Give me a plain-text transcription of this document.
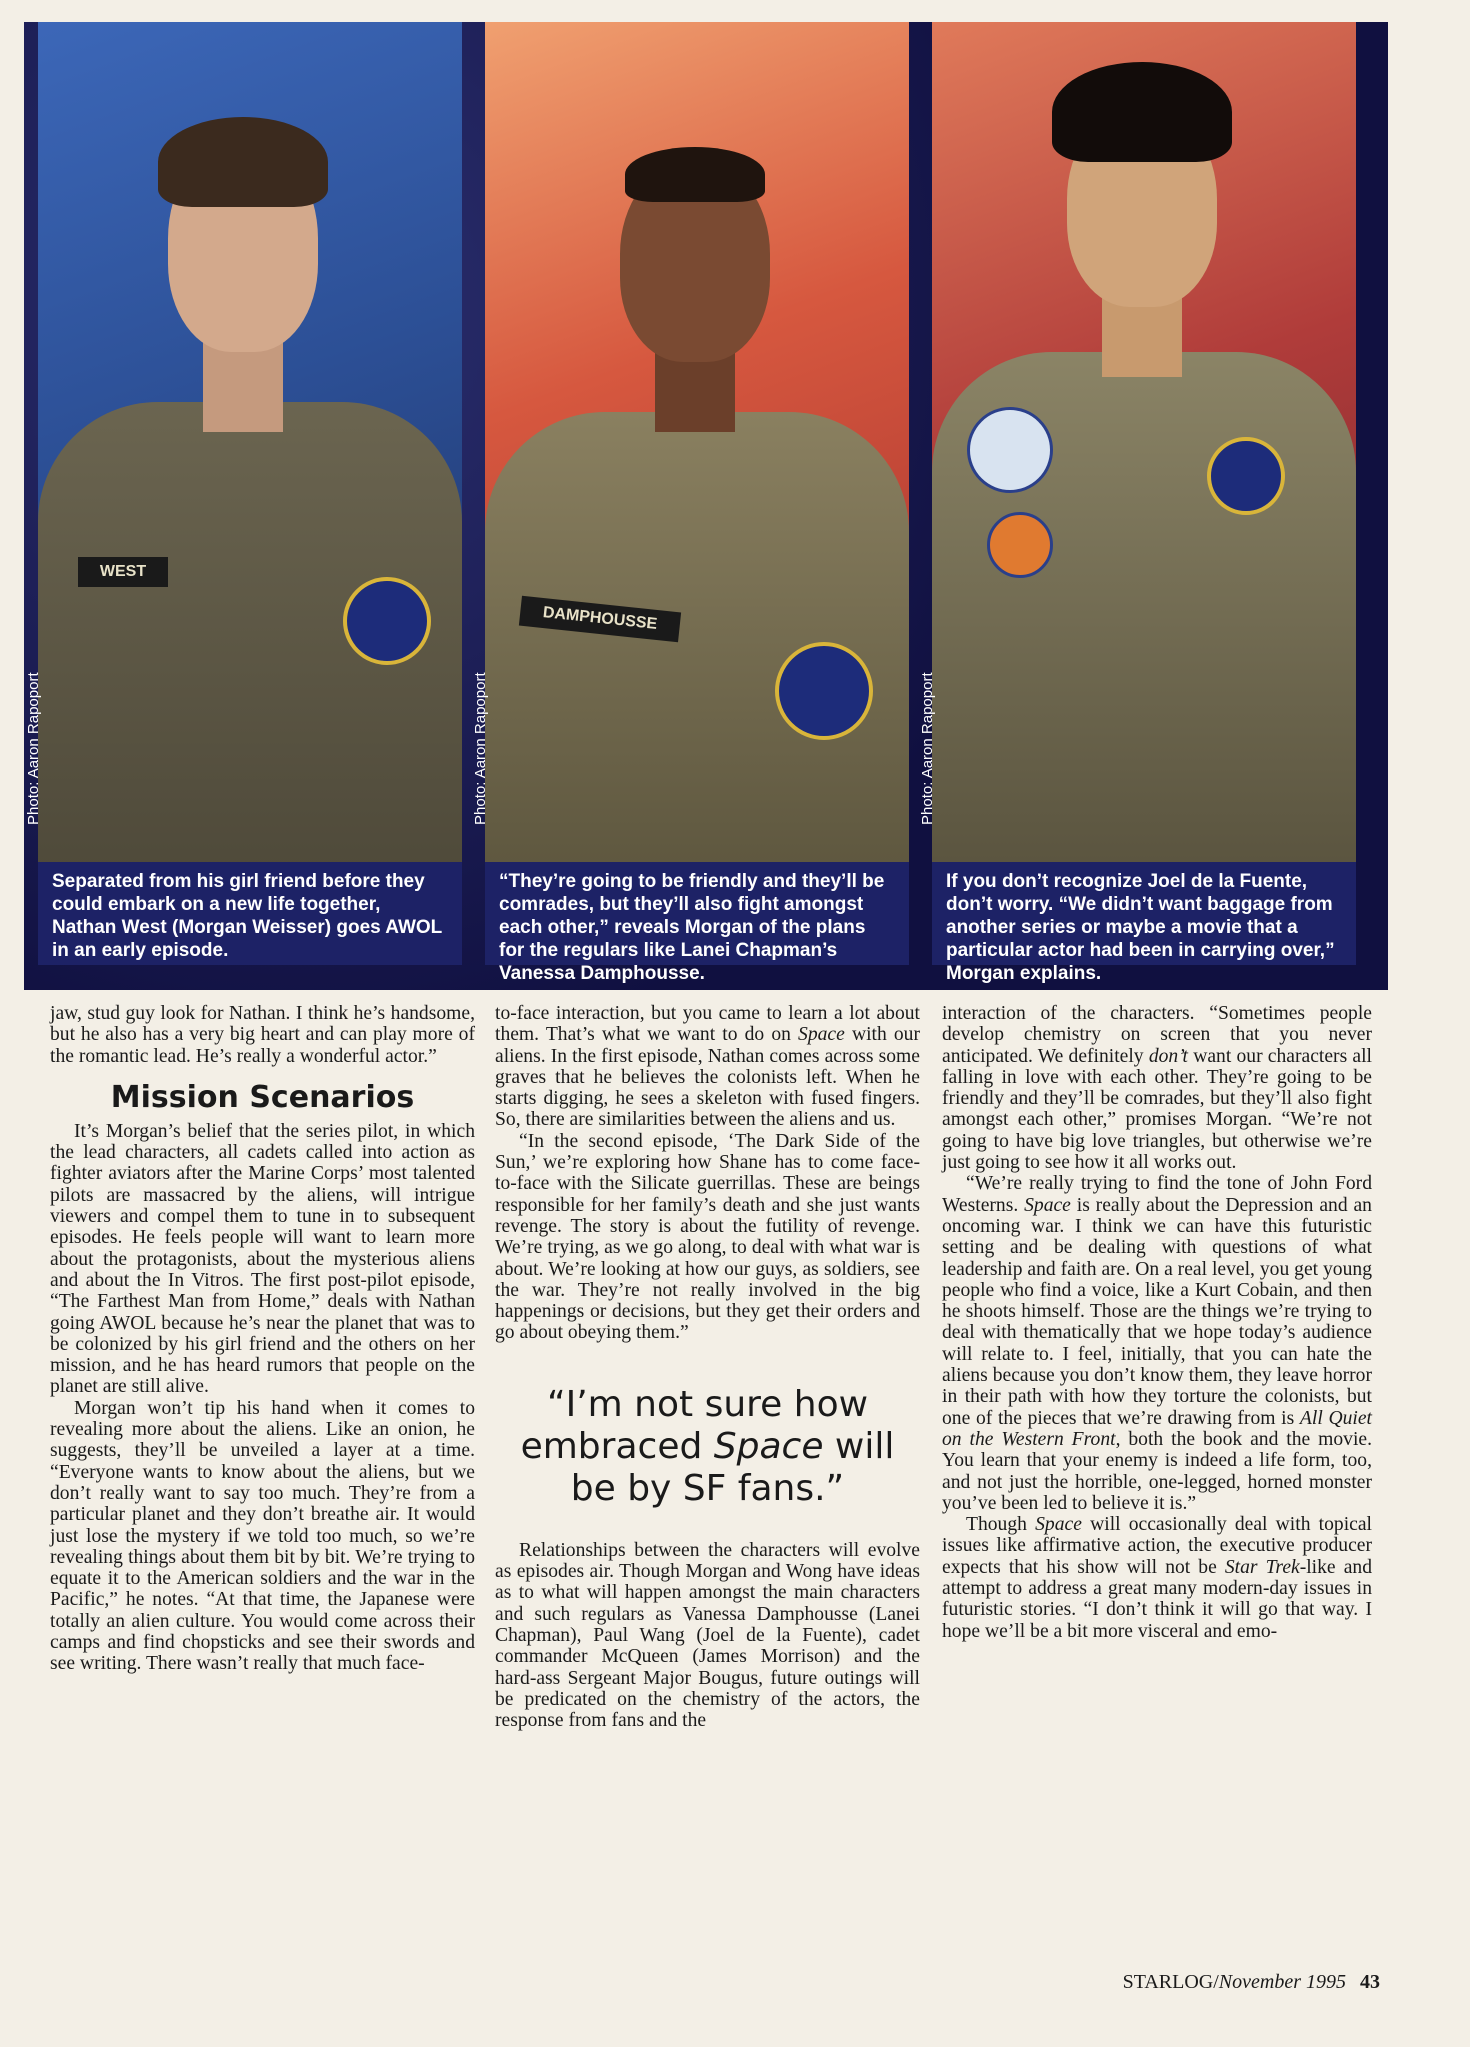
WEST
Photo: Aaron Rapoport
Separated from his girl friend before they could embark on a new life together, Nathan West (Morgan Weisser) goes AWOL in an early episode.
DAMPHOUSSE
Photo: Aaron Rapoport
“They’re going to be friendly and they’ll be comrades, but they’ll also fight amongst each other,” reveals Morgan of the plans for the regulars like Lanei Chapman’s Vanessa Damphousse.
Photo: Aaron Rapoport
If you don’t recognize Joel de la Fuente, don’t worry. “We didn’t want baggage from another series or maybe a movie that a particular actor had been in carrying over,” Morgan explains.

jaw, stud guy look for Nathan. I think he’s handsome, but he also has a very big heart and can play more of the romantic lead. He’s really a wonderful actor.”

Mission Scenarios

It’s Morgan’s belief that the series pilot, in which the lead characters, all cadets called into action as fighter aviators after the Marine Corps’ most talented pilots are massacred by the aliens, will intrigue viewers and compel them to tune in to subsequent episodes. He feels people will want to learn more about the protagonists, about the mysterious aliens and about the In Vitros. The first post-pilot episode, “The Farthest Man from Home,” deals with Nathan going AWOL because he’s near the planet that was to be colonized by his girl friend and the others on her mission, and he has heard rumors that people on the planet are still alive.

Morgan won’t tip his hand when it comes to revealing more about the aliens. Like an onion, he suggests, they’ll be unveiled a layer at a time. “Everyone wants to know about the aliens, but we don’t really want to say too much. They’re from a particular planet and they don’t breathe air. It would just lose the mystery if we told too much, so we’re revealing things about them bit by bit. We’re trying to equate it to the American soldiers and the war in the Pacific,” he notes. “At that time, the Japanese were totally an alien culture. You would come across their camps and find chopsticks and see their swords and see writing. There wasn’t really that much face-

to-face interaction, but you came to learn a lot about them. That’s what we want to do on Space with our aliens. In the first episode, Nathan comes across some graves that he believes the colonists left. When he starts digging, he sees a skeleton with fused fingers. So, there are similarities between the aliens and us.

“In the second episode, ‘The Dark Side of the Sun,’ we’re exploring how Shane has to come face-to-face with the Silicate guerrillas. These are beings responsible for her family’s death and she just wants revenge. The story is about the futility of revenge. We’re trying, as we go along, to deal with what war is about. We’re looking at how our guys, as soldiers, see the war. They’re not really involved in the big happenings or decisions, but they get their orders and go about obeying them.”

“I’m not sure how embraced Space will be by SF fans.”

Relationships between the characters will evolve as episodes air. Though Morgan and Wong have ideas as to what will happen amongst the main characters and such regulars as Vanessa Damphousse (Lanei Chapman), Paul Wang (Joel de la Fuente), cadet commander McQueen (James Morrison) and the hard-ass Sergeant Major Bougus, future outings will be predicated on the chemistry of the actors, the response from fans and the

interaction of the characters. “Sometimes people develop chemistry on screen that you never anticipated. We definitely don’t want our characters all falling in love with each other. They’re going to be friendly and they’ll be comrades, but they’ll also fight amongst each other,” promises Morgan. “We’re not going to have big love triangles, but otherwise we’re just going to see how it all works out.

“We’re really trying to find the tone of John Ford Westerns. Space is really about the Depression and an oncoming war. I think we can have this futuristic setting and be dealing with questions of what leadership and faith are. On a real level, you get young people who find a voice, like a Kurt Cobain, and then he shoots himself. Those are the things we’re trying to deal with thematically that we hope today’s audience will relate to. I feel, initially, that you can hate the aliens because you don’t know them, they leave horror in their path with how they torture the colonists, but one of the pieces that we’re drawing from is All Quiet on the Western Front, both the book and the movie. You learn that your enemy is indeed a life form, too, and not just the horrible, one-legged, horned monster you’ve been led to believe it is.”

Though Space will occasionally deal with topical issues like affirmative action, the executive producer expects that his show will not be Star Trek-like and attempt to address a great many modern-day issues in futuristic stories. “I don’t think it will go that way. I hope we’ll be a bit more visceral and emo-

STARLOG/November 1995 43
